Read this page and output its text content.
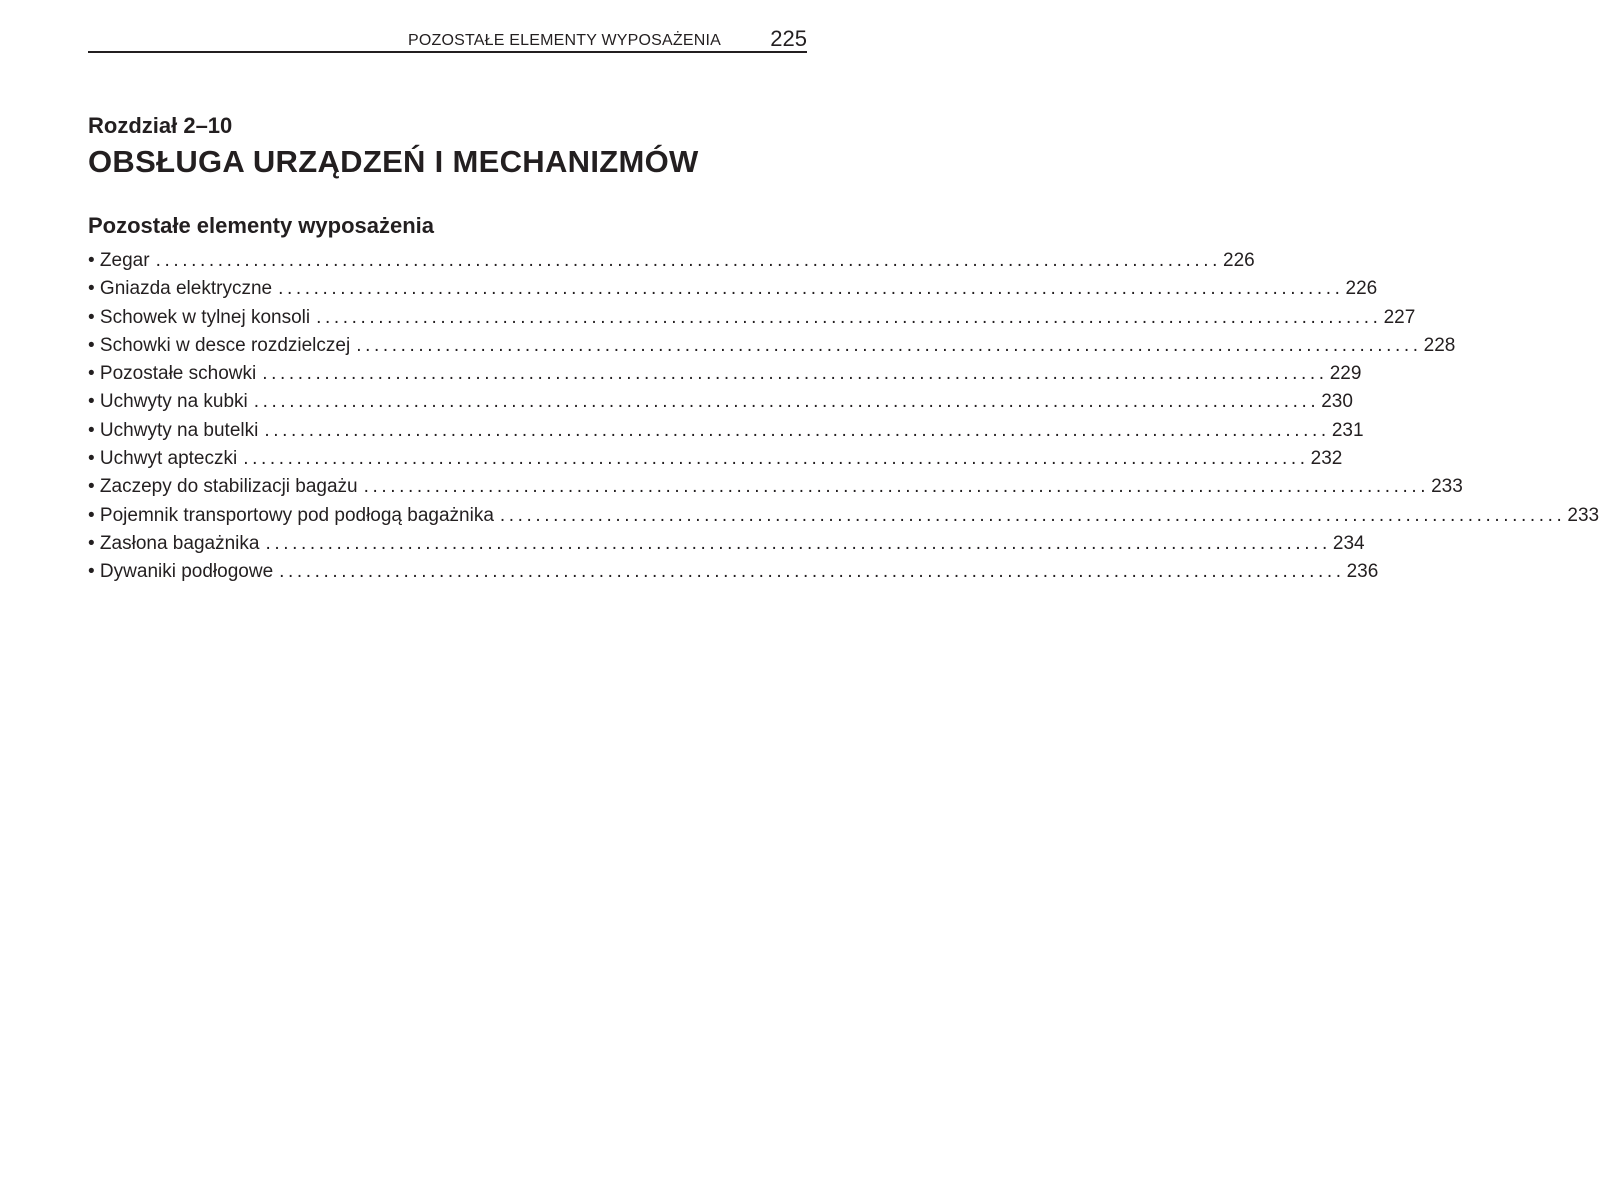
POZOSTAŁE ELEMENTY WYPOSAŻENIA 225
Rozdział 2–10
OBSŁUGA URZĄDZEŃ I MECHANIZMÓW
Pozostałe elementy wyposażenia
• Zegar ........................................................................................................................ 226
• Gniazda elektryczne ........................................................................................................................ 226
• Schowek w tylnej konsoli ........................................................................................................................ 227
• Schowki w desce rozdzielczej ........................................................................................................................ 228
• Pozostałe schowki ........................................................................................................................ 229
• Uchwyty na kubki ........................................................................................................................ 230
• Uchwyty na butelki ........................................................................................................................ 231
• Uchwyt apteczki ........................................................................................................................ 232
• Zaczepy do stabilizacji bagażu ........................................................................................................................ 233
• Pojemnik transportowy pod podłogą bagażnika ........................................................................................................................ 233
• Zasłona bagażnika ........................................................................................................................ 234
• Dywaniki podłogowe ........................................................................................................................ 236
